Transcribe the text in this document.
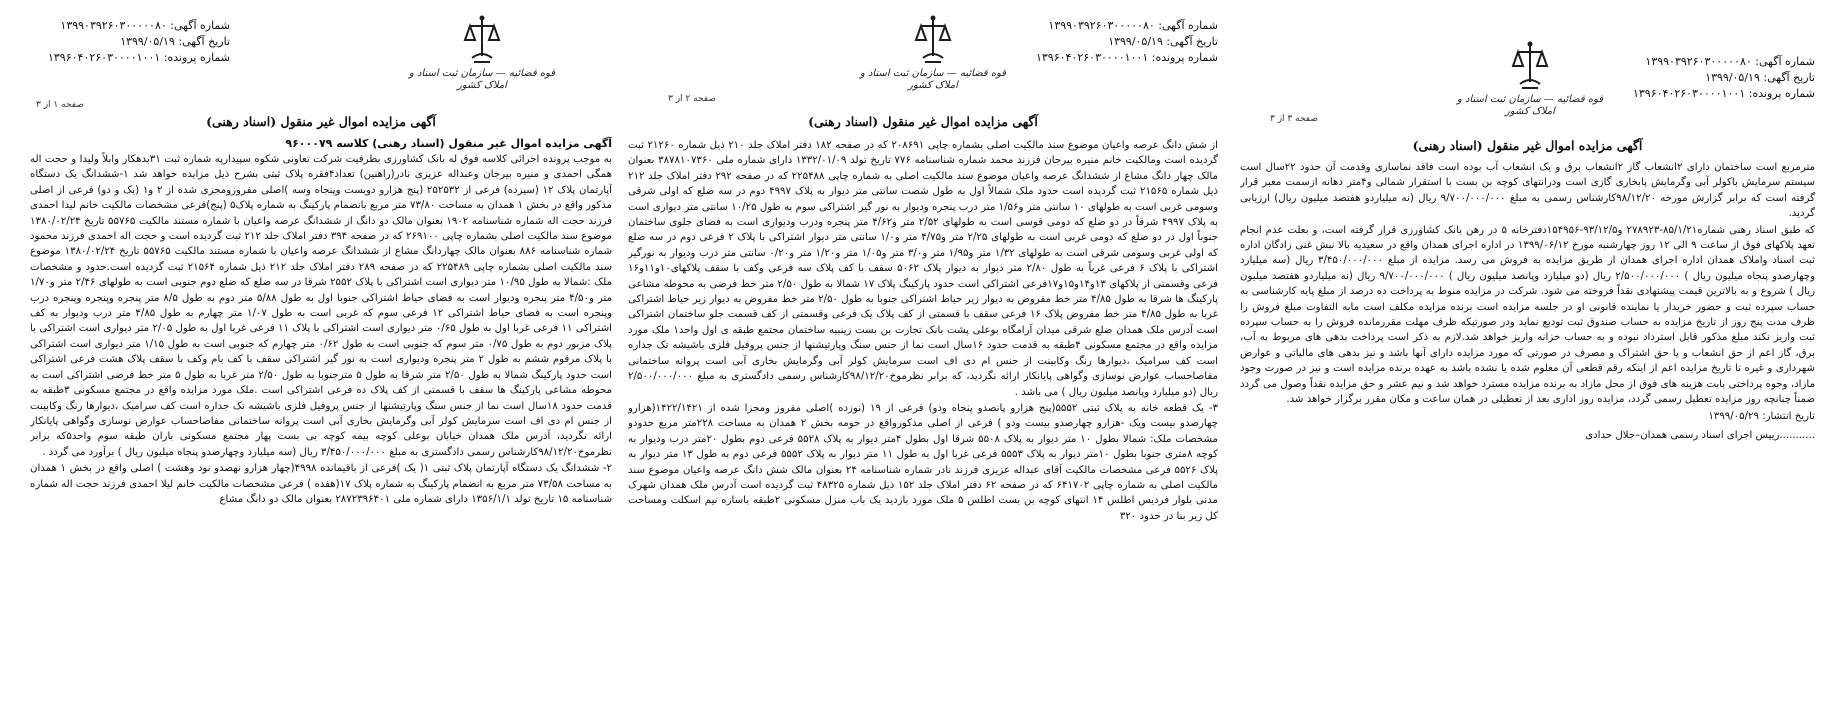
قوه قضائیه — سازمان ثبت اسناد و املاک کشور
شماره آگهی: ۱۳۹۹۰۳۹۲۶۰۳۰۰۰۰۰۸۰
تاریخ آگهی: ۱۳۹۹/۰۵/۱۹
شماره پرونده: ۱۳۹۶۰۴۰۲۶۰۳۰۰۰۰۱۰۰۱
صفحه ۱ از ۳
آگهی مزایده اموال غیر منقول (اسناد رهنی)
آگهی مزایده اموال غیر منقول (اسناد رهنی) کلاسه ۹۶۰۰۰۷۹

به موجب پرونده اجرائی کلاسه فوق له بانک کشاورزی بطرفیت شرکت تعاونی شکوه سپیدارپه شماره ثبت ۳۱بدهکار وابلاً ولیدا و حجت اله همگی احمدی و منیره بیرجان وعبداله عزیزی نادر(راهنین) تعداد۴فقره پلاک ثبتی بشرح ذیل مزایده خواهد شد ۱-ششدانگ یک دستگاه آپارتمان پلاک ۱۲ (سیزده) فرعی از ۲۵۲۵۳۲ (پنج هزارو دویست وپنجاه وسه )اصلی مفروزومجزی شده از ۲ و۱ (یک و دو) فرعی از اصلی مذکور واقع در بخش ۱ همدان به مساحت ۷۳/۸۰ متر مربع بانضمام پارکینگ به شماره پلاک۵ (پنج)فرعی مشخصات مالکیت خانم لیدا احمدی فرزند حجت اله شماره شناسنامه ۱۹۰۲ بعنوان مالک دو دانگ از ششدانگ عرصه واعیان با شماره مستند مالکیت ۵۵۷۶۵ تاریخ ۱۳۸۰/۰۲/۲۴ موضوع سند مالکیت اصلی بشماره چاپی ۲۶۹۱۰۰ که در صفحه ۳۹۴ دفتر املاک جلد ۲۱۲ ثبت گردیده است و حجت اله احمدی فرزند محمود شماره شناسنامه ۸۸۶ بعنوان مالک چهاردانگ مشاع از ششدانگ عرصه واعیان با شماره مستند مالکیت ۵۵۷۶۵ تاریخ ۱۳۸۰/۰۲/۲۴ موضوع سند مالکیت اصلی بشماره چاپی ۲۲۵۴۸۹ که در صفحه ۲۸۹ دفتر املاک جلد ۲۱۲ ذیل شماره ۲۱۵۶۴ ثبت گردیده است.حدود و مشخصات ملک :شمالا به طول ۱۰/۹۵ متر دیواری است اشتراکی با پلاک ۲۵۵۲ شرقا در سه ضلع که ضلع دوم جنوبی است به طولهای ۲/۴۶ متر و۱/۷۰ متر و۴/۵۰ متر پنجره ودیوار است به فضای حیاط اشتراکی جنوبا اول به طول ۵/۸۸ متر دوم به طول ۸/۵ متر پنجره وپنجره وپنجره درب وپنجره است به فضای حیاط اشتراکی ۱۲ فرعی سوم که غربی است به طول ۱/۰۷ متر چهارم به طول ۴/۸۵ متر درب ودیوار به کف اشتراکی ۱۱ فرعی غربا اول به طول ۰/۶۵ متر دیواری است اشتراکی با پلاک ۱۱ فرعی غربا اول به طول ۲/۰۵ متر دیواری است اشتراکی با پلاک مزبور دوم به طول ۰/۷۵ متر سوم که جنوبی است به طول ۰/۶۲ متر چهارم که جنوبی است به طول ۱/۱۵ متر دیواری است اشتراکی با پلاک مرقوم ششم به طول ۲ متر پنجره ودیواری است به نور گیر اشتراکی سقف با کف بام وکف با سقف پلاک هشت فرعی اشتراکی است حدود پارکینگ شمالا به طول ۲/۵۰ متر شرقا به طول ۵ مترجنوبا به طول ۲/۵۰ متر غربا به طول ۵ متر خط فرضی اشتراکی است به محوطه مشاعی پارکینگ ها سقف با قسمتی از کف پلاک ده فرعی اشتراکی است .ملک مورد مزایده واقع در مجتمع مسکونی ۳طبقه به قدمت حدود ۱۸سال است نما از جنس سنگ وپارتیشنها از جنس پروفیل فلزی باشیشه تک جداره است کف سرامیک ،دیوارها رنگ وکابینت از جنس ام دی اف است سرمایش کولر آبی وگرمایش بخاری آبی است پروانه ساختمانی مفاصاحساب عوارض نوسازی وگواهی پایانکار ارائه نگردید، آدرس ملک همدان خیابان بوعلی کوچه بیمه کوچه بی بست پهار مجتمع مسکونی باران طبقه سوم واحد۵که برابر نظرموخ۹۸/۱۲/۲۰کارشناس رسمی دادگستری به مبلغ ۳/۴۵۰/۰۰۰/۰۰۰ ریال (سه میلیارد وچهارصدو پنجاه میلیون ریال ) برآورد می گردد .

۲- ششدانگ یک دستگاه آپارتمان پلاک ثبتی ۱( یک )فرعی از باقیمانده ۴۹۹۸(چهار هزارو نهصدو نود وهشت ) اصلی واقع در بخش ۱ همدان به مساحت ۷۳/۵۸ متر مربع به انضمام پارکینگ به شماره پلاک ۱۷(هفده ) فرعی مشخصات مالکیت خانم لیلا احمدی فرزند حجت اله شماره شناسنامه ۱۵ تاریخ تولد ۱۳۵۶/۱/۱ دارای شماره ملی ۲۸۷۲۳۹۶۴۰۱ بعنوان مالک دو دانگ مشاع

قوه قضائیه — سازمان ثبت اسناد و املاک کشور
شماره آگهی: ۱۳۹۹۰۳۹۲۶۰۳۰۰۰۰۰۸۰
تاریخ آگهی: ۱۳۹۹/۰۵/۱۹
شماره پرونده: ۱۳۹۶۰۴۰۲۶۰۳۰۰۰۰۱۰۰۱
صفحه ۲ از ۳
آگهی مزایده اموال غیر منقول (اسناد رهنی)

از شش دانگ عرصه واعیان موضوع سند مالکیت اصلی بشماره چاپی ۲۰۸۶۹۱ که در صفحه ۱۸۲ دفتر املاک جلد ۲۱۰ ذیل شماره ۲۱۲۶۰ ثبت گردیده است ومالکیت خانم منیره بیرجان فرزند محمد شماره شناسنامه ۷۷۶ تاریخ تولد ۱۳۳۲/۰۱/۰۹ دارای شماره ملی ۳۸۷۸۱۰۷۳۶۰ بعنوان مالک چهار دانگ مشاع از ششدانگ عرصه واعیان موضوع سند مالکیت اصلی به شماره چاپی ۲۲۵۴۸۸ که در صفحه ۲۹۲ دفتر املاک جلد ۲۱۲ ذیل شماره ۲۱۵۶۵ ثبت گردیده است حدود ملک شمالاً اول به طول شصت سانتی متر دیوار به پلاک ۴۹۹۷ دوم در سه ضلع که اولی شرقی وسومی غربی است به طولهای ۱۰ سانتی متر و۱/۵۶ متر درب پنجره ودیوار به نور گیر اشتراکی سوم به طول ۱۰/۲۵ سانتی متر دیواری است به پلاک ۴۹۹۷ شرقاً در دو ضلع که دومی قوسی است به طولهای ۲/۵۲ متر و۴/۶۲ متر پنجره ودرب ودیواری است به فضای جلوی ساختمان جنوباً اول در دو ضلع که دومی غربی است به طولهای ۲/۲۵ متر و۴/۷۵ متر و۱/۰ سانتی متر دیوار اشتراکی با پلاک ۲ فرعی دوم در سه ضلع که اولی غربی وسومی شرقی است به طولهای ۱/۳۲ متر و۱/۹۵ متر و۳/۰ متر و۱/۰۵ متر و۱/۲۰ متر و۰/۲۰ سانتی متر درب ودیوار به نورگیر اشتراکی با پلاک ۶ فرعی غرباً به طول ۲/۸۰ متر دیوار به دیوار پلاک ۵۰۶۲ سقف با کف پلاک سه فرعی وکف با سقف پلاکهای۱۰و۱۱و۱۶ فرعی وقسمتی از پلاکهای ۱۳و۱۴و۱۵و۱۷فرعی اشتراکی است حدود پارکینگ پلاک ۱۷ شمالا به طول ۲/۵۰ متر خط فرضی به محوطه مشاعی پارکینگ ها شرقا به طول ۴/۸۵ متر خط مفروض به دیوار زیر حیاط اشتراکی جنوبا به طول ۲/۵۰ متر خط مفروض به دیوار زیر حیاط اشتراکی غربا به طول ۴/۸۵ متر خط مفروض پلاک ۱۶ فرعی سقف با قسمتی از کف پلاک یک فرعی وقسمتی از کف قسمت جلو ساختمان اشتراکی است آدرس ملک همدان ضلع شرقی میدان آرامگاه بوعلی پشت بانک تجارت بن بست زینبیه ساختمان مجتمع طبقه ی اول واحد۱ ملک مورد مزایده واقع در مجتمع مسکونی ۴طبقه به قدمت حدود ۱۶سال است نما از جنس سنگ وپارتیشنها از جنس پروفیل فلزی باشیشه تک جداره است کف سرامیک ،دیوارها رنگ وکابینت از جنس ام دی اف است سرمایش کولر آبی وگرمایش بخاری آبی است پروانه ساختمانی مفاصاحساب عوارض نوسازی وگواهی پایانکار ارائه نگردید، که برابر نظرموخ۹۸/۱۲/۲۰کارشناس رسمی دادگستری به مبلغ ۲/۵۰۰/۰۰۰/۰۰۰ ریال (دو میلیارد وپانصد میلیون ریال ) می باشد .

۳- یک قطعه خانه به پلاک ثبتی ۵۵۵۲(پنج هزارو پانصدو پنجاه ودو) فرعی از ۱۹ (نوزده )اصلی مفروز ومجزا شده از ۱۴۲۲/۱۴۲۱(هزارو چهارصدو بیست ویک -هزارو چهارصدو بیست ودو ) فرعی از اصلی مذکورواقع در حومه بخش ۲ همدان به مساحت ۲۲۸متر مربع حدودو مشخصات ملک: شمالا بطول ۱۰ متر دیوار به پلاک ۵۵۰۸ شرقا اول بطول ۴متر دیوار به پلاک ۵۵۲۸ فرعی دوم بطول ۲۰متر درب ودیوار به کوچه ۸متری جنوبا بطول ۱۰متر دیوار به پلاک ۵۵۵۳ فرعی غربا اول به طول ۱۱ متر دیوار به پلاک ۵۵۵۲ فرعی دوم به طول ۱۳ متر دیوار به پلاک ۵۵۲۶ فرعی مشخصات مالکیت آقای عبداله عزیزی فرزند نادر شماره شناسنامه ۲۴ بعنوان مالک شش دانگ عرصه واعیان موضوع سند مالکیت اصلی به شماره چاپی ۶۴۱۷۰۲ که در صفحه ۶۲ دفتر املاک جلد ۱۵۲ ذیل شماره ۴۸۳۲۵ ثبت گردیده است آدرس ملک همدان شهرک مدنی بلوار فردیس اطلس ۱۴ انتهای کوچه بن بست اطلس ۵ ملک مورد بازدید یک باب منزل مسکونی ۲طبقه باسازه نیم اسکلت ومساحت کل زیر بنا در حدود ۳۲۰

قوه قضائیه — سازمان ثبت اسناد و املاک کشور
شماره آگهی: ۱۳۹۹۰۳۹۲۶۰۳۰۰۰۰۰۸۰
تاریخ آگهی: ۱۳۹۹/۰۵/۱۹
شماره پرونده: ۱۳۹۶۰۴۰۲۶۰۳۰۰۰۰۱۰۰۱
صفحه ۳ از ۳
آگهی مزایده اموال غیر منقول (اسناد رهنی)

مترمربع است ساختمان دارای ۲انشعاب گاز ۲انشعاب برق و یک انشعاب آب بوده است فاقد نماسازی وقدمت آن حدود ۲۲سال است سیستم سرمایش باکولر آبی وگرمایش پابخاری گازی است ودرانتهای کوچه بن بست با استقرار شمالی و۴متر دهانه ازسمت معبر قرار گرفته است که برابر گزارش مورخه ۹۸/۱۲/۲۰کارشناس رسمی به مبلغ ۹/۷۰۰/۰۰۰/۰۰۰ ریال (نه میلیاردو هفتصد میلیون ریال) ارزیابی گردید.

که طبق اسناد رهنی شماره۸۵/۱/۲۱-۲۷۸۹۲۳ و۹۳/۱۲/۵-۱۵۴۹۵۶دفترخانه ۵ در رهن بانک کشاورزی قرار گرفته است، و بعلت عدم انجام تعهد پلاکهای فوق از ساعت ۹ الی ۱۲ روز چهارشنبه مورخ ۱۳۹۹/۰۶/۱۲ در اداره اجرای همدان واقع در سعیدیه بالا نبش غنی زادگان اداره ثبت اسناد واملاک همدان اداره اجرای همدان از طریق مزایده به فروش می رسد. مزایده از مبلغ ۳/۴۵۰/۰۰۰/۰۰۰ ریال (سه میلیارد وچهارصدو پنجاه میلیون ریال ) ۲/۵۰۰/۰۰۰/۰۰۰ ریال (دو میلیارد وپانصد میلیون ریال ) ۹/۷۰۰/۰۰۰/۰۰۰ ریال (نه میلیاردو هفتصد میلیون ریال ) شروع و به بالاترین قیمت پیشنهادی نقداً فروخته می شود. شرکت در مزایده منوط به پرداخت ده درصد از مبلغ پایه کارشناسی به حساب سپرده ثبت و حضور خریدار یا نماینده قانونی او در جلسه مزایده است برنده مزایده مکلف است مابه التفاوت مبلغ فروش را ظرف مدت پنج روز از تاریخ مزایده به حساب صندوق ثبت تودیع نماید ودر صورتیکه ظرف مهلت مقررمانده فروش را به حساب سپرده ثبت واریز نکند مبلغ مذکور قابل استرداد نبوده و به حساب خزانه واریز خواهد شد.لازم به ذکر است پرداخت بدهی های مربوط به آب، برق، گاز اعم از حق انشعاب و یا حق اشتراک و مصرف در صورتی که مورد مزایده دارای آنها باشد و نیز بدهی های مالیاتی و عوارض شهرداری و غیره تا تاریخ مزایده اعم از اینکه رقم قطعی آن معلوم شده یا نشده باشد به عهده برنده مزایده است و نیز در صورت وجود مازاد، وجوه پرداختی بابت هزینه های فوق از محل مازاد به برنده مزایده مسترد خواهد شد و نیم عشر و حق مزایده نقداً وصول می گردد ضمناً چنانچه روز مزایده تعطیل رسمی گردد، مزایده روز اداری بعد از تعطیلی در همان ساعت و مکان مقرر برگزار خواهد شد.

تاریخ انتشار: ۱۳۹۹/۰۵/۲۹

...........رییس اجرای اسناد رسمی همدان–جلال حدادی
